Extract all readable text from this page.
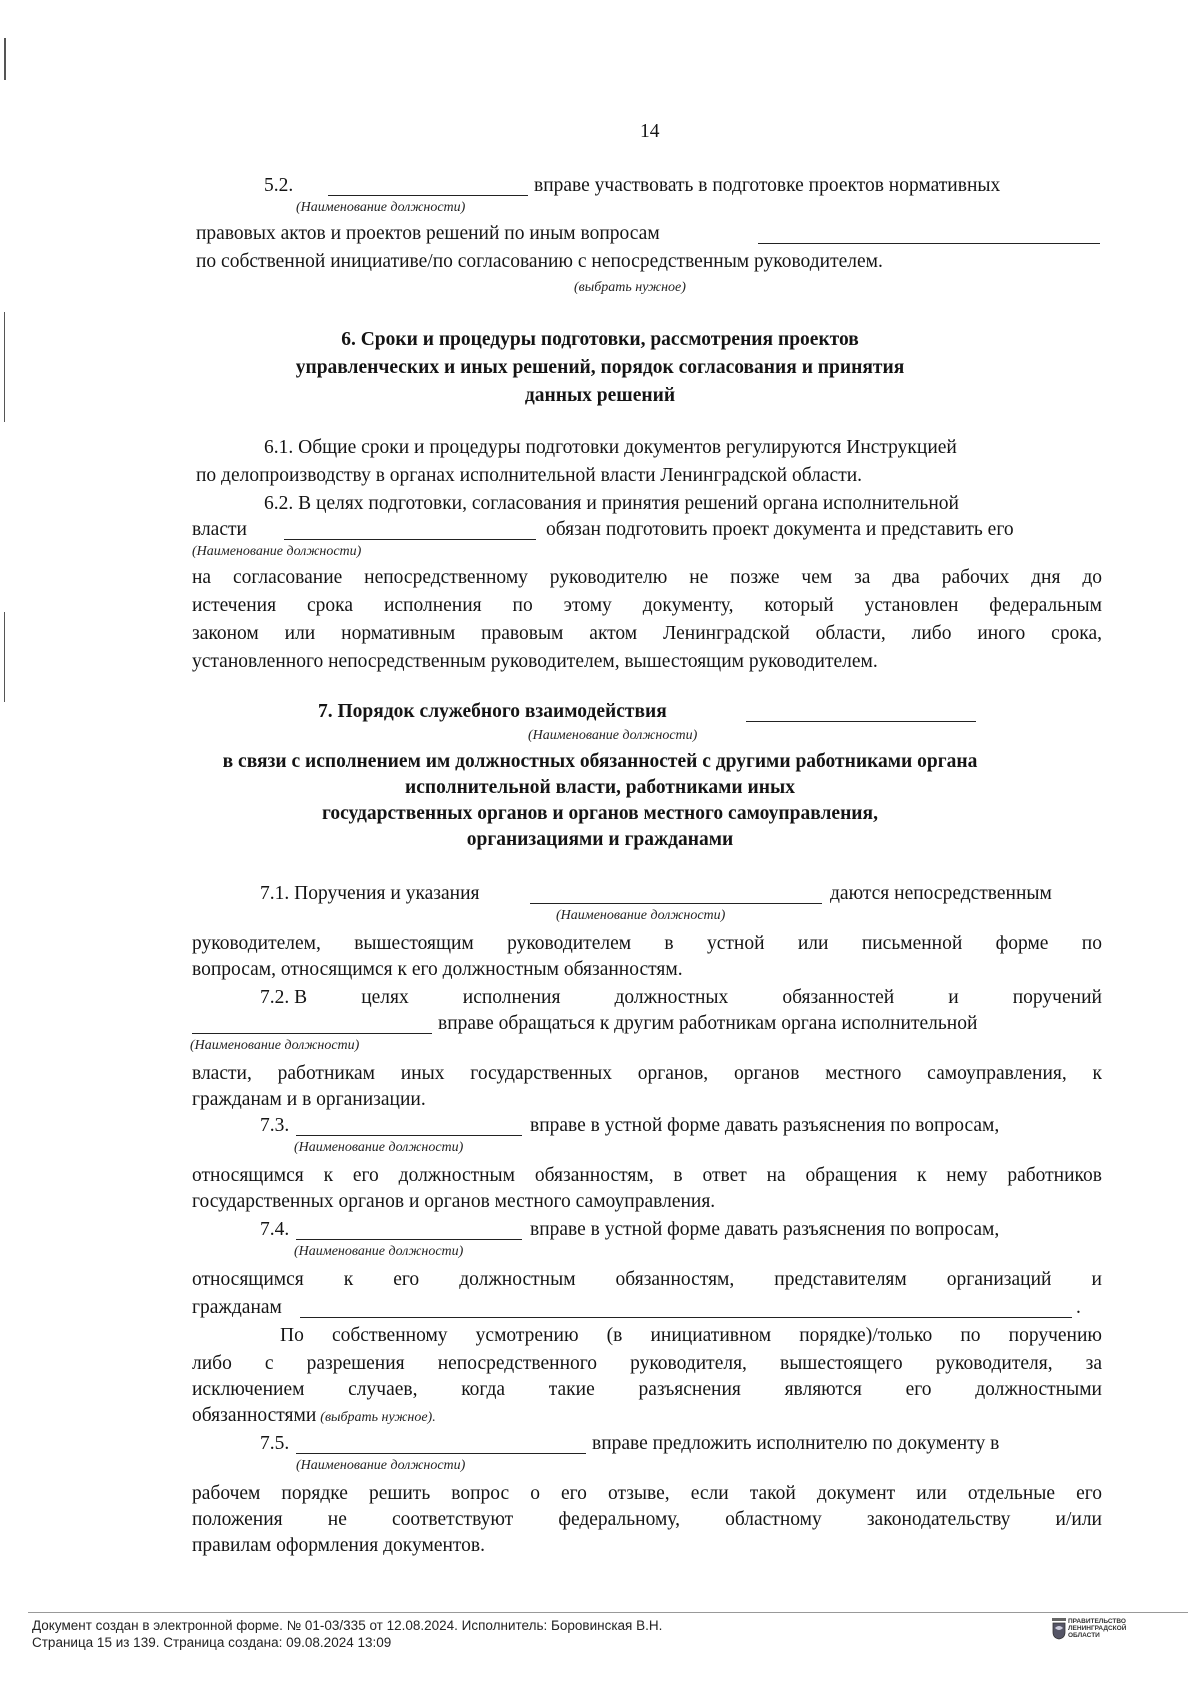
14
5.2.	вправе участвовать в подготовке проектов нормативных
(Наименование должности)
правовых актов и проектов решений по иным вопросам
по собственной инициативе/по согласованию с непосредственным руководителем.
(выбрать нужное)
6. Сроки и процедуры подготовки, рассмотрения проектов
управленческих и иных решений, порядок согласования и принятия
данных решений
6.1. Общие сроки и процедуры подготовки документов регулируются Инструкцией
по делопроизводству в органах исполнительной власти Ленинградской области.
6.2. В целях подготовки, согласования и принятия решений органа исполнительной
власти	обязан подготовить проект документа и представить его
(Наименование должности)
на согласование непосредственному руководителю не позже чем за два рабочих дня до
истечения срока исполнения по этому документу, который установлен федеральным
законом или нормативным правовым актом Ленинградской области, либо иного срока,
установленного непосредственным руководителем, вышестоящим руководителем.
7. Порядок служебного взаимодействия
(Наименование должности)
в связи с исполнением им должностных обязанностей с другими работниками органа
исполнительной власти, работниками иных
государственных органов и органов местного самоуправления,
организациями и гражданами
7.1. Поручения и указания	даются непосредственным
(Наименование должности)
руководителем, вышестоящим руководителем в устной или письменной форме по
вопросам, относящимся к его должностным обязанностям.
7.2. В	целях	исполнения	должностных	обязанностей	и	поручений
вправе обращаться к другим работникам органа исполнительной
(Наименование должности)
власти, работникам иных государственных органов, органов местного самоуправления, к
гражданам и в организации.
7.3.	вправе в устной форме давать разъяснения по вопросам,
(Наименование должности)
относящимся к его должностным обязанностям, в ответ на обращения к нему работников
государственных органов и органов местного самоуправления.
7.4.	вправе в устной форме давать разъяснения по вопросам,
(Наименование должности)
относящимся к его должностным обязанностям, представителям организаций и
гражданам	.
По собственному усмотрению (в инициативном порядке)/только по поручению
либо с разрешения непосредственного руководителя, вышестоящего руководителя, за
исключением случаев, когда такие разъяснения являются его должностными
обязанностями (выбрать нужное).
7.5.	вправе предложить исполнителю по документу в
(Наименование должности)
рабочем порядке решить вопрос о его отзыве, если такой документ или отдельные его
положения не соответствуют федеральному, областному законодательству и/или
правилам оформления документов.
Документ создан в электронной форме. № 01-03/335 от 12.08.2024. Исполнитель: Боровинская В.Н.
Страница 15 из 139. Страница создана: 09.08.2024 13:09
ПРАВИТЕЛЬСТВО
ЛЕНИНГРАДСКОЙ
ОБЛАСТИ
